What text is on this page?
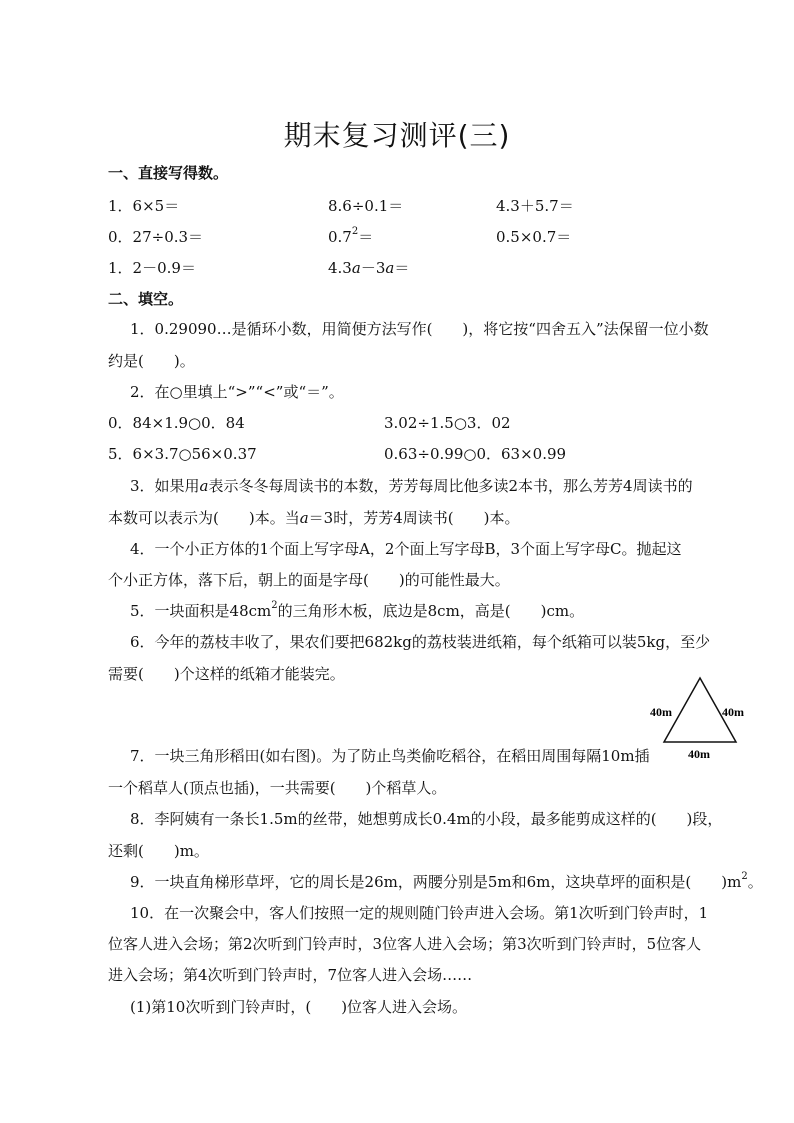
期末复习测评(三)
一、直接写得数。
1．6×5＝	8.6÷0.1＝	4.3＋5.7＝
0．27÷0.3＝	$0.7^2=$	0.5×0.7＝
1．2－0.9＝	4.3a－3a＝
二、填空。
1．0.29090…是循环小数，用简便方法写作(　　)，将它按“四舍五入”法保留一位小数
约是(　　)。
2．在○里填上“>”“<”或“＝”。
0．84×1.9○0．84	3.02÷1.5○3．02
5．6×3.7○56×0.37	0.63÷0.99○0．63×0.99
3．如果用a表示冬冬每周读书的本数，芳芳每周比他多读2本书，那么芳芳4周读书的
本数可以表示为(　　)本。当a＝3时，芳芳4周读书(　　)本。
4．一个小正方体的1个面上写字母A，2个面上写字母B，3个面上写字母C。抛起这
个小正方体，落下后，朝上的面是字母(　　)的可能性最大。
5．一块面积是$48cm^2$的三角形木板，底边是8cm，高是(　　)cm。
6．今年的荔枝丰收了，果农们要把682kg的荔枝装进纸箱，每个纸箱可以装5kg，至少
需要(　　)个这样的纸箱才能装完。
40m	40m
40m
7．一块三角形稻田(如右图)。为了防止鸟类偷吃稻谷，在稻田周围每隔10m插
一个稻草人(顶点也插)，一共需要(　　)个稻草人。
8．李阿姨有一条长1.5m的丝带，她想剪成长0.4m的小段，最多能剪成这样的(　　)段，
还剩(　　)m。
9．一块直角梯形草坪，它的周长是26m，两腰分别是5m和6m，这块草坪的面积是(　　)$m^2$。
10．在一次聚会中，客人们按照一定的规则随门铃声进入会场。第1次听到门铃声时，1
位客人进入会场；第2次听到门铃声时，3位客人进入会场；第3次听到门铃声时，5位客人
进入会场；第4次听到门铃声时，7位客人进入会场……
(1)第10次听到门铃声时，(　　)位客人进入会场。
